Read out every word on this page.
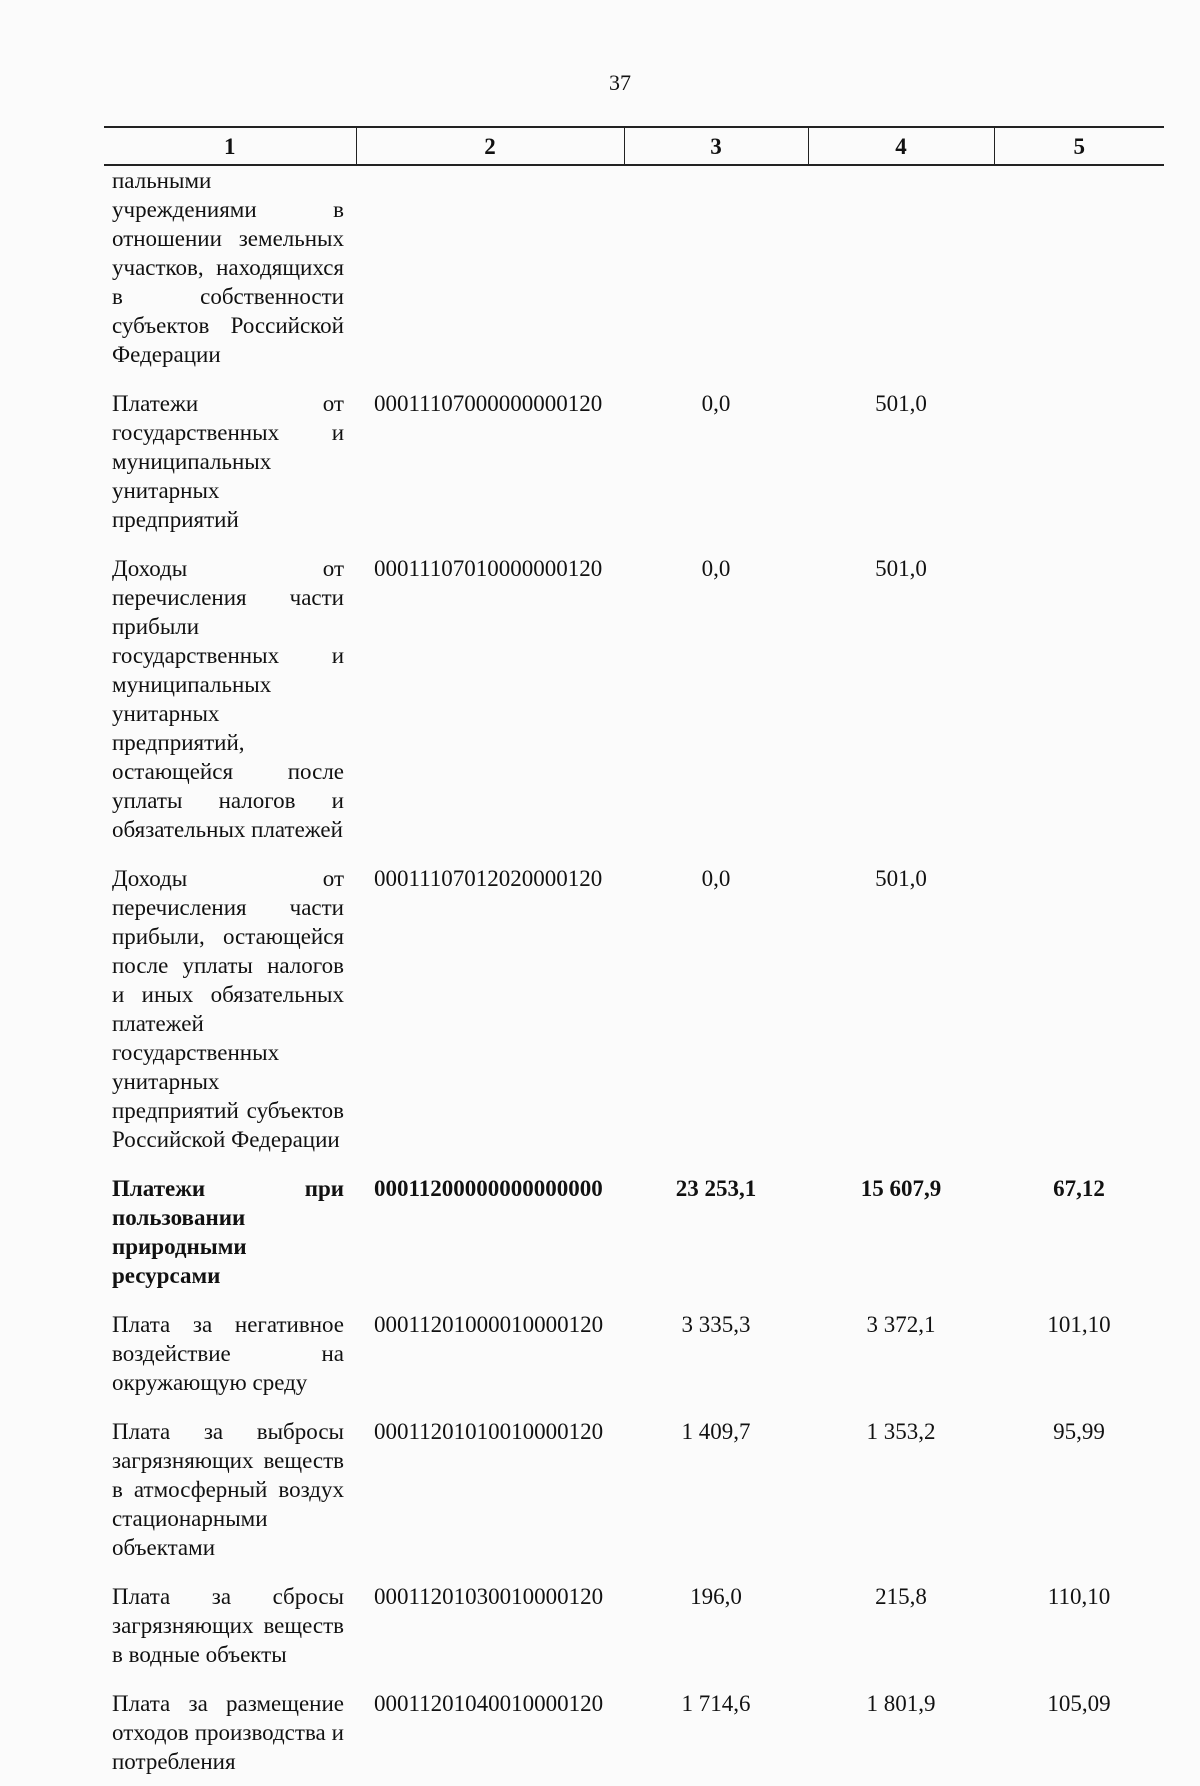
37
1	2	3	4	5
пальными учреждениями в отношении земельных участков, находящихся в собственности субъектов Российской Федерации				
Платежи от государственных и муниципальных унитарных предприятий	00011107000000000120	0,0	501,0	
Доходы от перечисления части прибыли государственных и муниципальных унитарных предприятий, остающейся после уплаты налогов и обязательных платежей	00011107010000000120	0,0	501,0	
Доходы от перечисления части прибыли, остающейся после уплаты налогов и иных обязательных платежей государственных унитарных предприятий субъектов Российской Федерации	00011107012020000120	0,0	501,0	
Платежи при пользовании природными ресурсами	00011200000000000000	23 253,1	15 607,9	67,12
Плата за негативное воздействие на окружающую среду	00011201000010000120	3 335,3	3 372,1	101,10
Плата за выбросы загрязняющих веществ в атмосферный воздух стационарными объектами	00011201010010000120	1 409,7	1 353,2	95,99
Плата за сбросы загрязняющих веществ в водные объекты	00011201030010000120	196,0	215,8	110,10
Плата за размещение отходов производства и потребления	00011201040010000120	1 714,6	1 801,9	105,09
